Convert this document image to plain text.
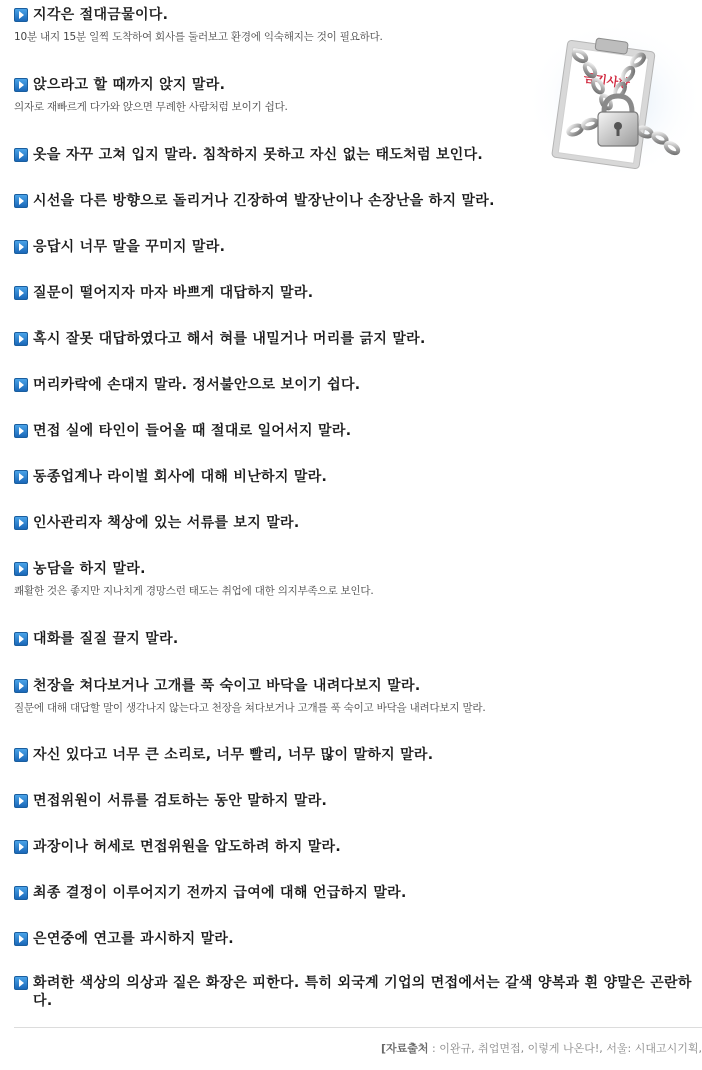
금기사항
지각은 절대금물이다.
10분 내지 15분 일찍 도착하여 회사를 둘러보고 환경에 익숙해지는 것이 필요하다.
앉으라고 할 때까지 앉지 말라.
의자로 재빠르게 다가와 앉으면 무례한 사람처럼 보이기 쉽다.
옷을 자꾸 고쳐 입지 말라. 침착하지 못하고 자신 없는 태도처럼 보인다.
시선을 다른 방향으로 돌리거나 긴장하여 발장난이나 손장난을 하지 말라.
응답시 너무 말을 꾸미지 말라.
질문이 떨어지자 마자 바쁘게 대답하지 말라.
혹시 잘못 대답하였다고 해서 혀를 내밀거나 머리를 긁지 말라.
머리카락에 손대지 말라. 정서불안으로 보이기 쉽다.
면접 실에 타인이 들어올 때 절대로 일어서지 말라.
동종업계나 라이벌 회사에 대해 비난하지 말라.
인사관리자 책상에 있는 서류를 보지 말라.
농담을 하지 말라.
쾌활한 것은 좋지만 지나치게 경망스런 태도는 취업에 대한 의지부족으로 보인다.
대화를 질질 끌지 말라.
천장을 쳐다보거나 고개를 푹 숙이고 바닥을 내려다보지 말라.
질문에 대해 대답할 말이 생각나지 않는다고 천장을 쳐다보거나 고개를 푹 숙이고 바닥을 내려다보지 말라.
자신 있다고 너무 큰 소리로, 너무 빨리, 너무 많이 말하지 말라.
면접위원이 서류를 검토하는 동안 말하지 말라.
과장이나 허세로 면접위원을 압도하려 하지 말라.
최종 결정이 이루어지기 전까지 급여에 대해 언급하지 말라.
은연중에 연고를 과시하지 말라.
화려한 색상의 의상과 짙은 화장은 피한다. 특히 외국계 기업의 면접에서는 갈색 양복과 흰 양말은 곤란하다.
[자료출처 : 이완규, 취업면접, 이렇게 나온다!, 서울: 시대고시기획,
